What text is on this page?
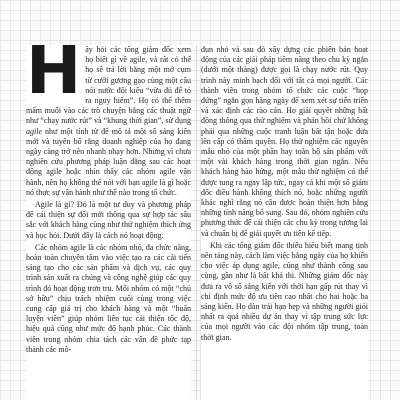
H ãy hỏi các tổng giám đốc xem họ biết gì về agile, và rất có thể họ sẽ trả lời bằng một mớ cụm từ cưỡi gương gạo cùng một câu nói nước đôi kiểu “vừa đủ để tỏ ra nguy hiểm”. Họ có thể thêm mấm muối vào các trò chuyện bằng các thuật ngữ như “chạy nước rút” và “khung thời gian”, sử dụng agile như một tính từ để mô tả một số sáng kiến mới và tuyên bố rằng doanh nghiệp của họ đang ngày càng trở nên nhanh nhạy hơn. Nhưng vì chưa nghiên cứu phương pháp luận đằng sau các hoạt động agile hoặc nhìn thấy các nhóm agile vận hành, nên họ không thể nói với bạn agile là gì hoặc nó thực sự vận hành như thế nào trong tổ chức.

Agile là gì? Đó là một tư duy và phương pháp để cải thiện sự đổi mới thông qua sự hợp tác sâu sắc với khách hàng cũng như thử nghiệm thích ứng và học hỏi. Dưới đây là cách nó hoạt động.

Các nhóm agile là các nhóm nhỏ, đa chức năng, hoàn toàn chuyên tâm vào việc tạo ra các cải tiến sáng tạo cho các sản phẩm và dịch vụ, các quy trình sản xuất ra chúng và công nghệ giúp các quy trình đó hoạt động trơn tru. Mỗi nhóm có một “chủ sở hữu” chịu trách nhiệm cuối cùng trong việc cung cấp giá trị cho khách hàng và một “huấn luyện viên” giúp nhóm liên tục cải thiện tốc độ, hiệu quả cũng như mức độ hạnh phúc. Các thành viên trong nhóm chia tách các vấn đề phức tạp thành các mô-

đun nhỏ và sau đó xây dựng các phiên bản hoạt động của các giải pháp tiềm năng theo chu kỳ ngắn (dưới một tháng) được gọi là chạy nước rút. Quy trình này minh bạch đối với tất cả mọi người. Các thành viên trong nhóm tổ chức các cuộc “họp đứng” ngắn gọn hàng ngày để xem xét sự tiến triển và xác định các rào cản. Họ giải quyết những bất đồng thông qua thử nghiệm và phản hồi chứ không phải qua những cuộc tranh luận bất tận hoặc đưa lên cấp có thẩm quyền. Họ thử nghiệm các nguyên mẫu nhỏ của một phần hay toàn bộ sản phẩm với một vài khách hàng trong thời gian ngắn. Nếu khách hàng hào hứng, một mẫu thử nghiệm có thể được tung ra ngay lập tức, ngay cả khi một số giám đốc điều hành không thích nó, hoặc những người khác nghĩ rằng nó cần được hoàn thiện hơn bằng những tính năng bổ sung. Sau đó, nhóm nghiên cứu phương thức để cải thiện các chu kỳ trong tương lai và chuẩn bị để giải quyết ưu tiên kế tiếp.

Khi các tổng giám đốc thiếu hiểu biết mang tinh nền tảng này, cách làm việc hằng ngày của họ khiến cho việc áp dụng agile, cũng như thành công sau cùng, gần như là bất khả thi. Những giám đốc này đưa ra vô số sáng kiến với thời hạn gấp rút thay vì chỉ định mức độ ưu tiên cao nhất cho hai hoặc ba sáng kiến. Họ dàn trải hạn hẹp và những người giỏi nhất ra quá nhiều dự án thay vì tập trung sức lực của mọi người vào các đội nhóm tập trung, toàn thời gian.
